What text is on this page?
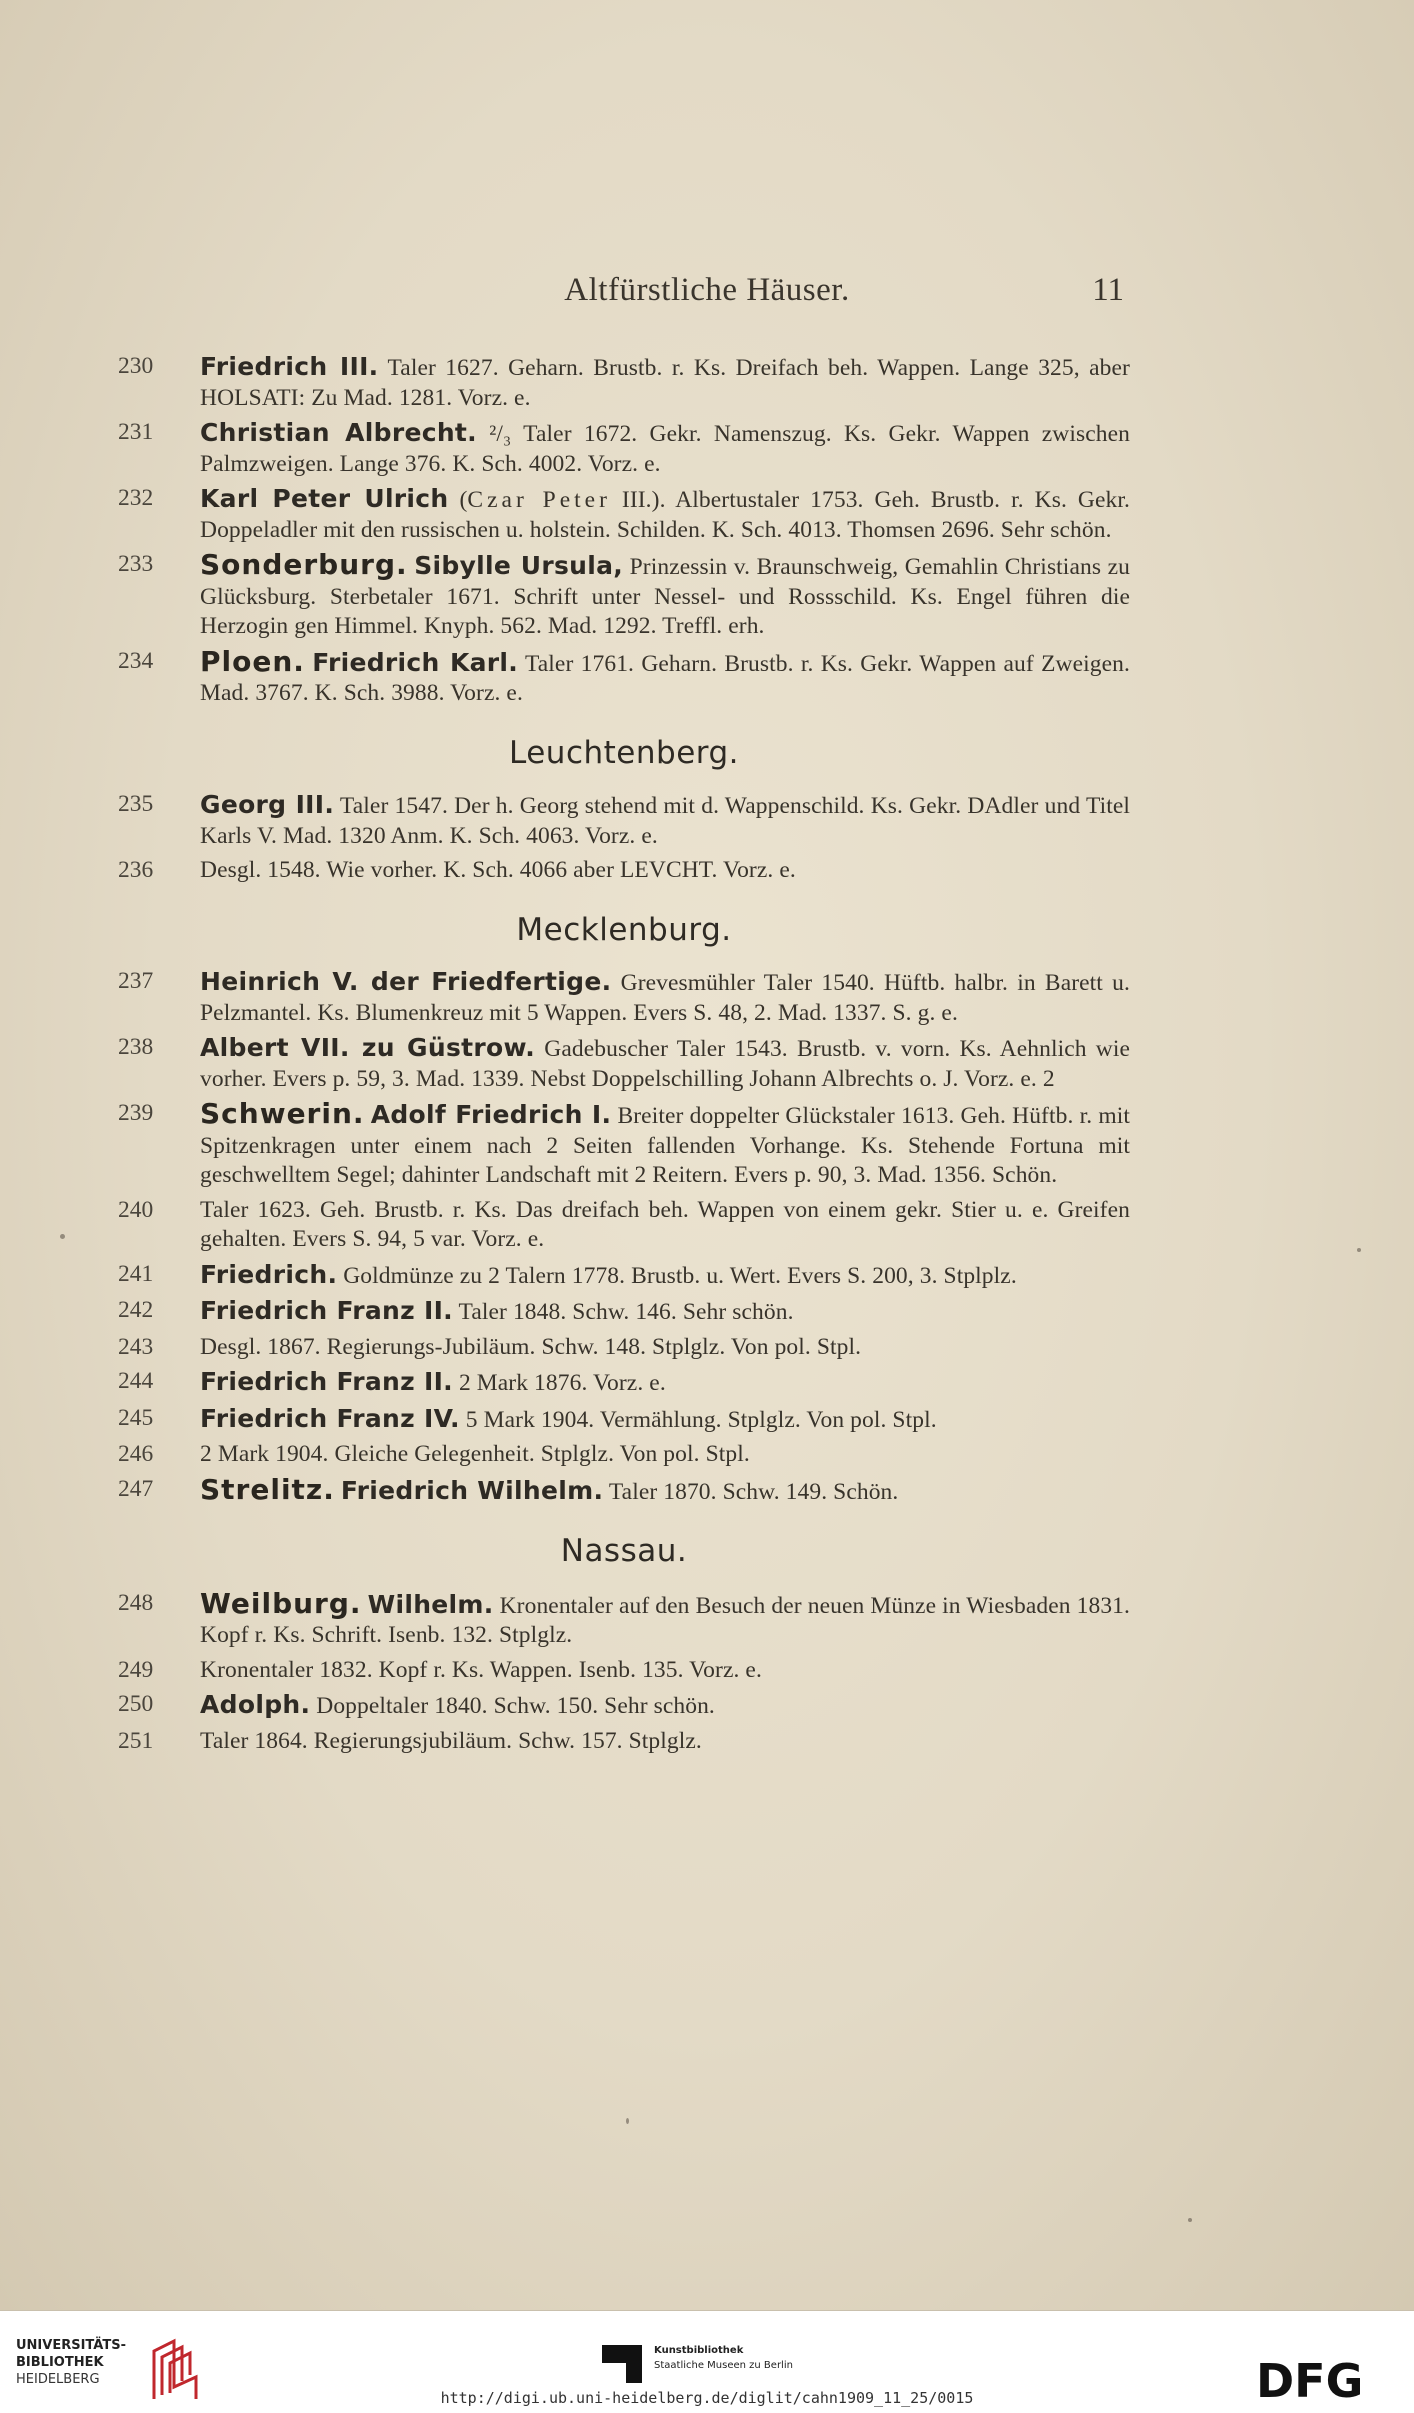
Altfürstliche Häuser.	11
230	Friedrich III. Taler 1627. Geharn. Brustb. r. Ks. Dreifach beh. Wappen. Lange 325, aber HOLSATI: Zu Mad. 1281. Vorz. e.
231	Christian Albrecht. ²/₃ Taler 1672. Gekr. Namenszug. Ks. Gekr. Wappen zwischen Palmzweigen. Lange 376. K. Sch. 4002. Vorz. e.
232	Karl Peter Ulrich (Czar Peter III.). Albertustaler 1753. Geh. Brustb. r. Ks. Gekr. Doppeladler mit den russischen u. holstein. Schilden. K. Sch. 4013. Thomsen 2696. Sehr schön.
233	Sonderburg. Sibylle Ursula, Prinzessin v. Braunschweig, Gemahlin Christians zu Glücksburg. Sterbetaler 1671. Schrift unter Nessel- und Rossschild. Ks. Engel führen die Herzogin gen Himmel. Knyph. 562. Mad. 1292. Treffl. erh.
234	Ploen. Friedrich Karl. Taler 1761. Geharn. Brustb. r. Ks. Gekr. Wappen auf Zweigen. Mad. 3767. K. Sch. 3988. Vorz. e.
Leuchtenberg.
235	Georg III. Taler 1547. Der h. Georg stehend mit d. Wappenschild. Ks. Gekr. DAdler und Titel Karls V. Mad. 1320 Anm. K. Sch. 4063. Vorz. e.
236	Desgl. 1548. Wie vorher. K. Sch. 4066 aber LEVCHT. Vorz. e.
Mecklenburg.
237	Heinrich V. der Friedfertige. Grevesmühler Taler 1540. Hüftb. halbr. in Barett u. Pelzmantel. Ks. Blumenkreuz mit 5 Wappen. Evers S. 48, 2. Mad. 1337. S. g. e.
238	Albert VII. zu Güstrow. Gadebuscher Taler 1543. Brustb. v. vorn. Ks. Aehnlich wie vorher. Evers p. 59, 3. Mad. 1339. Nebst Doppelschilling Johann Albrechts o. J. Vorz. e. 2
239	Schwerin. Adolf Friedrich I. Breiter doppelter Glückstaler 1613. Geh. Hüftb. r. mit Spitzenkragen unter einem nach 2 Seiten fallenden Vorhange. Ks. Stehende Fortuna mit geschwelltem Segel; dahinter Landschaft mit 2 Reitern. Evers p. 90, 3. Mad. 1356. Schön.
240	Taler 1623. Geh. Brustb. r. Ks. Das dreifach beh. Wappen von einem gekr. Stier u. e. Greifen gehalten. Evers S. 94, 5 var. Vorz. e.
241	Friedrich. Goldmünze zu 2 Talern 1778. Brustb. u. Wert. Evers S. 200, 3. Stplplz.
242	Friedrich Franz II. Taler 1848. Schw. 146. Sehr schön.
243	Desgl. 1867. Regierungs-Jubiläum. Schw. 148. Stplglz. Von pol. Stpl.
244	Friedrich Franz II. 2 Mark 1876. Vorz. e.
245	Friedrich Franz IV. 5 Mark 1904. Vermählung. Stplglz. Von pol. Stpl.
246	2 Mark 1904. Gleiche Gelegenheit. Stplglz. Von pol. Stpl.
247	Strelitz. Friedrich Wilhelm. Taler 1870. Schw. 149. Schön.
Nassau.
248	Weilburg. Wilhelm. Kronentaler auf den Besuch der neuen Münze in Wiesbaden 1831. Kopf r. Ks. Schrift. Isenb. 132. Stplglz.
249	Kronentaler 1832. Kopf r. Ks. Wappen. Isenb. 135. Vorz. e.
250	Adolph. Doppeltaler 1840. Schw. 150. Sehr schön.
251	Taler 1864. Regierungsjubiläum. Schw. 157. Stplglz.
UNIVERSITÄTS-
BIBLIOTHEK
HEIDELBERG
Kunstbibliothek
Staatliche Museen zu Berlin	DFG
http://digi.ub.uni-heidelberg.de/diglit/cahn1909_11_25/0015
